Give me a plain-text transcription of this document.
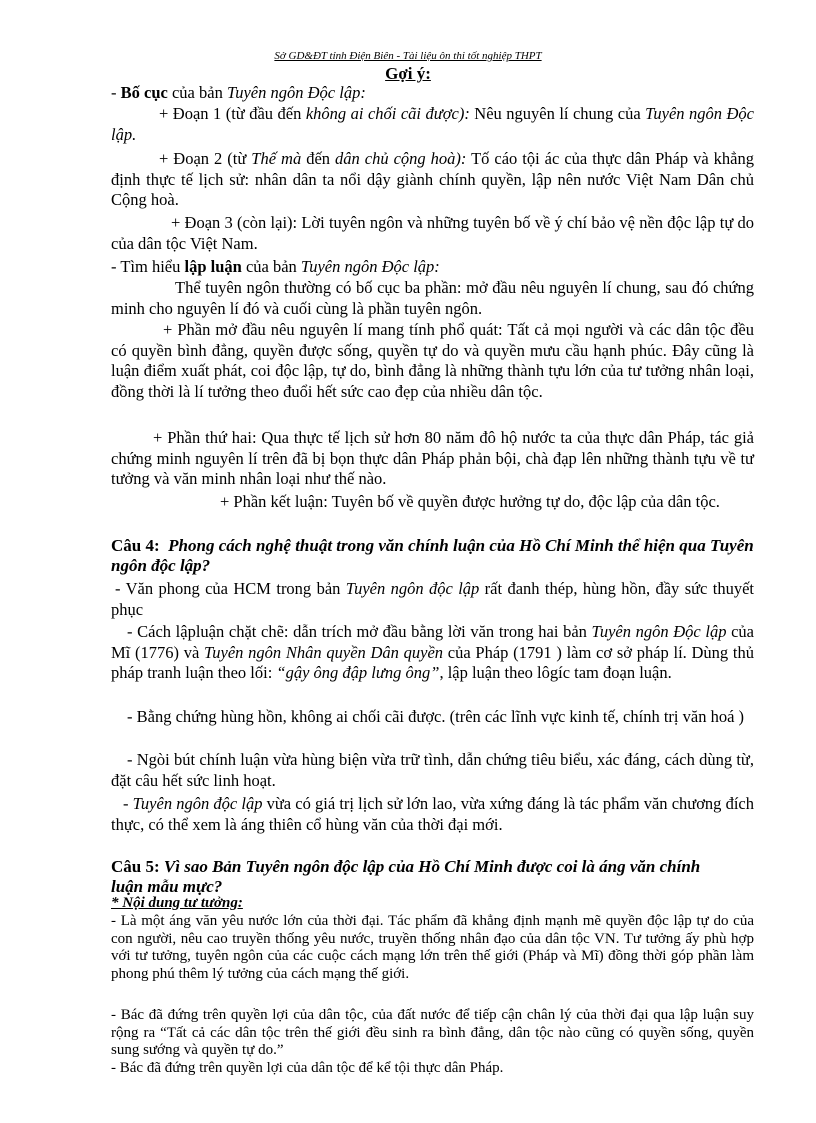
Sở GD&ĐT tỉnh Điện Biên - Tài liệu ôn thi tốt nghiệp THPT
Gợi ý:

- Bố cục của bản Tuyên ngôn Độc lập:

+ Đoạn 1 (từ đầu đến không ai chối cãi được): Nêu nguyên lí chung của Tuyên ngôn Độc lập.

+ Đoạn 2 (từ Thế mà đến dân chủ cộng hoà): Tố cáo tội ác của thực dân Pháp và khẳng định thực tế lịch sử: nhân dân ta nổi dậy giành chính quyền, lập nên nước Việt Nam Dân chủ Cộng hoà.

+ Đoạn 3 (còn lại): Lời tuyên ngôn và những tuyên bố về ý chí bảo vệ nền độc lập tự do của dân tộc Việt Nam.

- Tìm hiểu lập luận của bản Tuyên ngôn Độc lập:

Thể tuyên ngôn thường có bố cục ba phần: mở đầu nêu nguyên lí chung, sau đó chứng minh cho nguyên lí đó và cuối cùng là phần tuyên ngôn.

+ Phần mở đầu nêu nguyên lí mang tính phổ quát: Tất cả mọi người và các dân tộc đều có quyền bình đẳng, quyền được sống, quyền tự do và quyền mưu cầu hạnh phúc. Đây cũng là luận điểm xuất phát, coi độc lập, tự do, bình đẳng là những thành tựu lớn của tư tưởng nhân loại, đồng thời là lí tưởng theo đuổi hết sức cao đẹp của nhiều dân tộc.

+ Phần thứ hai: Qua thực tế lịch sử hơn 80 năm đô hộ nước ta của thực dân Pháp, tác giả chứng minh nguyên lí trên đã bị bọn thực dân Pháp phản bội, chà đạp lên những thành tựu về tư tưởng và văn minh nhân loại như thế nào.

+ Phần kết luận: Tuyên bố về quyền được hưởng tự do, độc lập của dân tộc.

Câu 4: Phong cách nghệ thuật trong văn chính luận của Hồ Chí Minh thể hiện qua Tuyên ngôn độc lập?

- Văn phong của HCM trong bản Tuyên ngôn độc lập rất đanh thép, hùng hồn, đầy sức thuyết phục

- Cách lậpluận chặt chẽ: dẫn trích mở đầu bằng lời văn trong hai bản Tuyên ngôn Độc lập của Mĩ (1776) và Tuyên ngôn Nhân quyền Dân quyền của Pháp (1791 ) làm cơ sở pháp lí. Dùng thủ pháp tranh luận theo lối: “gậy ông đập lưng ông”, lập luận theo lôgíc tam đoạn luận.

- Bằng chứng hùng hồn, không ai chối cãi được. (trên các lĩnh vực kinh tế, chính trị văn hoá )

- Ngòi bút chính luận vừa hùng biện vừa trữ tình, dẫn chứng tiêu biểu, xác đáng, cách dùng từ, đặt câu hết sức linh hoạt.

- Tuyên ngôn độc lập vừa có giá trị lịch sử lớn lao, vừa xứng đáng là tác phẩm văn chương đích thực, có thể xem là áng thiên cổ hùng văn của thời đại mới.

Câu 5: Vì sao Bản Tuyên ngôn độc lập của Hồ Chí Minh được coi là áng văn chính luận mẫu mực?

* Nội dung tư tưởng:

- Là một áng văn yêu nước lớn của thời đại. Tác phẩm đã khẳng định mạnh mẽ quyền độc lập tự do của con người, nêu cao truyền thống yêu nước, truyền thống nhân đạo của dân tộc VN. Tư tưởng ấy phù hợp với tư tưởng, tuyên ngôn của các cuộc cách mạng lớn trên thế giới (Pháp và Mĩ) đồng thời góp phần làm phong phú thêm lý tưởng của cách mạng thế giới.

- Bác đã đứng trên quyền lợi của dân tộc, của đất nước để tiếp cận chân lý của thời đại qua lập luận suy rộng ra “Tất cả các dân tộc trên thế giới đều sinh ra bình đẳng, dân tộc nào cũng có quyền sống, quyền sung sướng và quyền tự do.”

- Bác đã đứng trên quyền lợi của dân tộc để kể tội thực dân Pháp.
